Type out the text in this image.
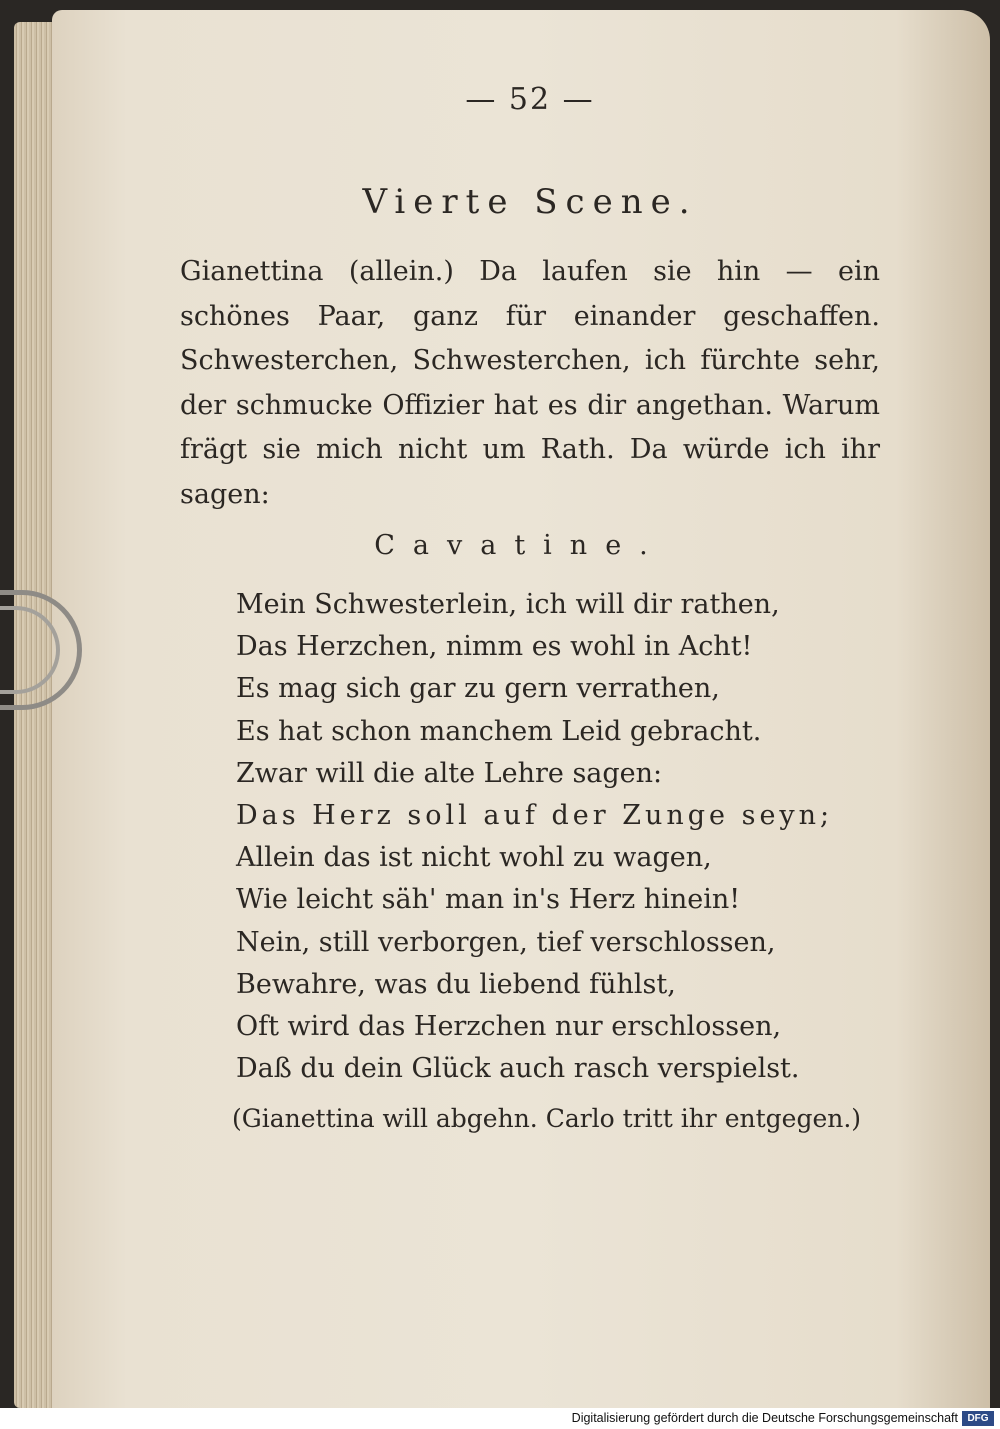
— 52 —
Vierte Scene.
Gianettina (allein.) Da laufen sie hin — ein schönes Paar, ganz für einander geschaffen. Schwesterchen, Schwesterchen, ich fürchte sehr, der schmucke Offizier hat es dir angethan. Warum frägt sie mich nicht um Rath. Da würde ich ihr sagen:
Cavatine.
Mein Schwesterlein, ich will dir rathen,
Das Herzchen, nimm es wohl in Acht!
Es mag sich gar zu gern verrathen,
Es hat schon manchem Leid gebracht.
Zwar will die alte Lehre sagen:
Das Herz soll auf der Zunge seyn;
Allein das ist nicht wohl zu wagen,
Wie leicht säh' man in's Herz hinein!
Nein, still verborgen, tief verschlossen,
Bewahre, was du liebend fühlst,
Oft wird das Herzchen nur erschlossen,
Daß du dein Glück auch rasch verspielst.
(Gianettina will abgehn. Carlo tritt ihr entgegen.)
Digitalisierung gefördert durch die Deutsche Forschungsgemeinschaft DFG
